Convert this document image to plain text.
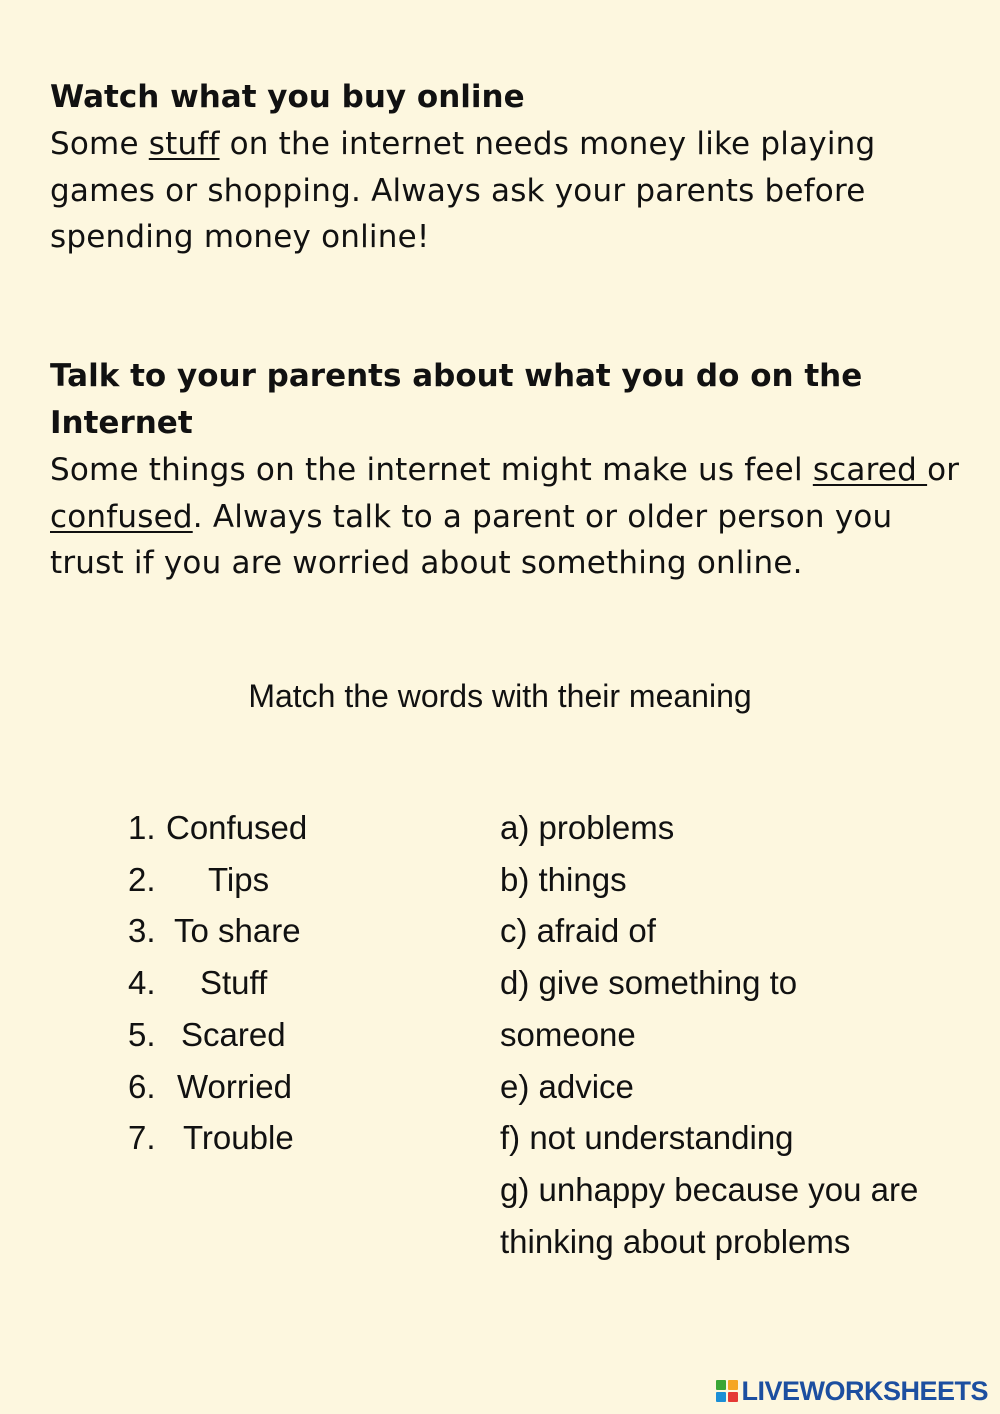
Watch what you buy online

Some stuff on the internet needs money like playing games or shopping. Always ask your parents before spending money online!

Talk to your parents about what you do on the Internet

Some things on the internet might make us feel scared or confused. Always talk to a parent or older person you trust if you are worried about something online.

Match the words with their meaning

1. Confused
2. Tips
3. To share
4. Stuff
5. Scared
6. Worried
7. Trouble
a) problems
b) things
c) afraid of
d) give something to someone
e) advice
f) not understanding
g) unhappy because you are thinking about problems
LIVEWORKSHEETS
